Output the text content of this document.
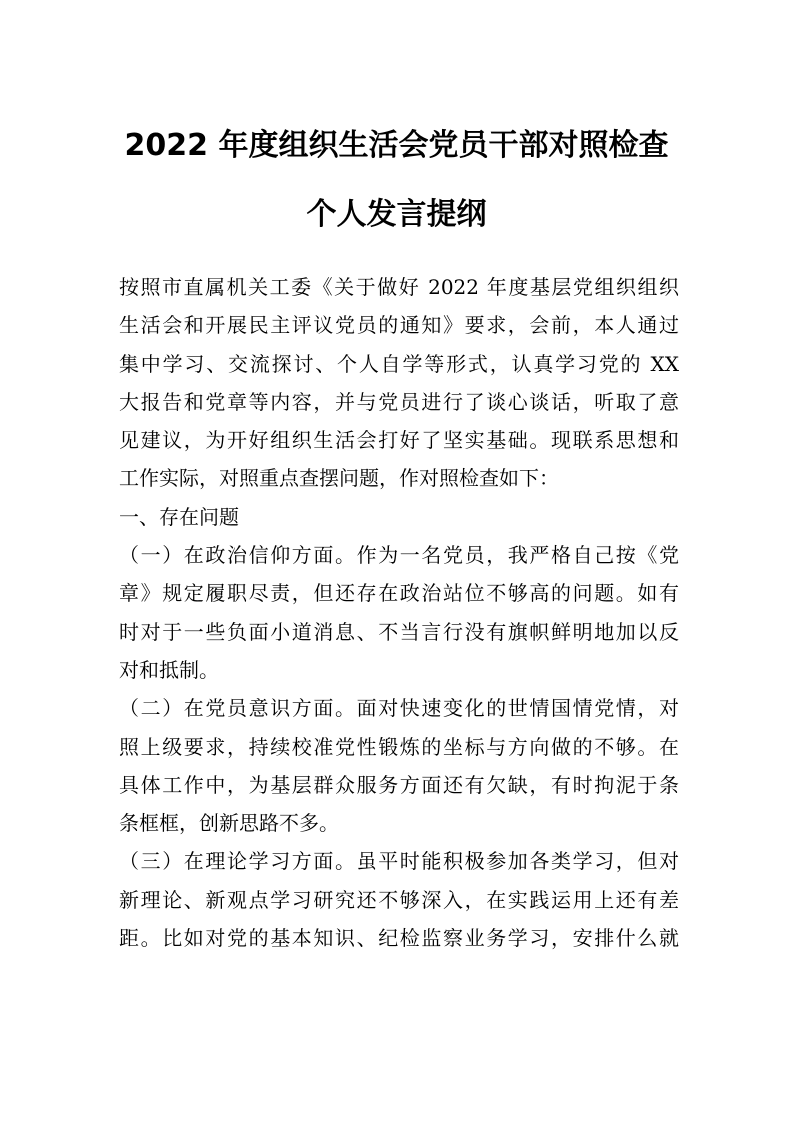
2022 年度组织生活会党员干部对照检查
个人发言提纲
按照市直属机关工委《关于做好 2022 年度基层党组织组织
生活会和开展民主评议党员的通知》要求，会前，本人通过
集中学习、交流探讨、个人自学等形式，认真学习党的 XX
大报告和党章等内容，并与党员进行了谈心谈话，听取了意
见建议，为开好组织生活会打好了坚实基础。现联系思想和
工作实际，对照重点查摆问题，作对照检查如下：
一、存在问题
（一）在政治信仰方面。作为一名党员，我严格自己按《党
章》规定履职尽责，但还存在政治站位不够高的问题。如有
时对于一些负面小道消息、不当言行没有旗帜鲜明地加以反
对和抵制。
（二）在党员意识方面。面对快速变化的世情国情党情，对
照上级要求，持续校准党性锻炼的坐标与方向做的不够。在
具体工作中，为基层群众服务方面还有欠缺，有时拘泥于条
条框框，创新思路不多。
（三）在理论学习方面。虽平时能积极参加各类学习，但对
新理论、新观点学习研究还不够深入，在实践运用上还有差
距。比如对党的基本知识、纪检监察业务学习，安排什么就
